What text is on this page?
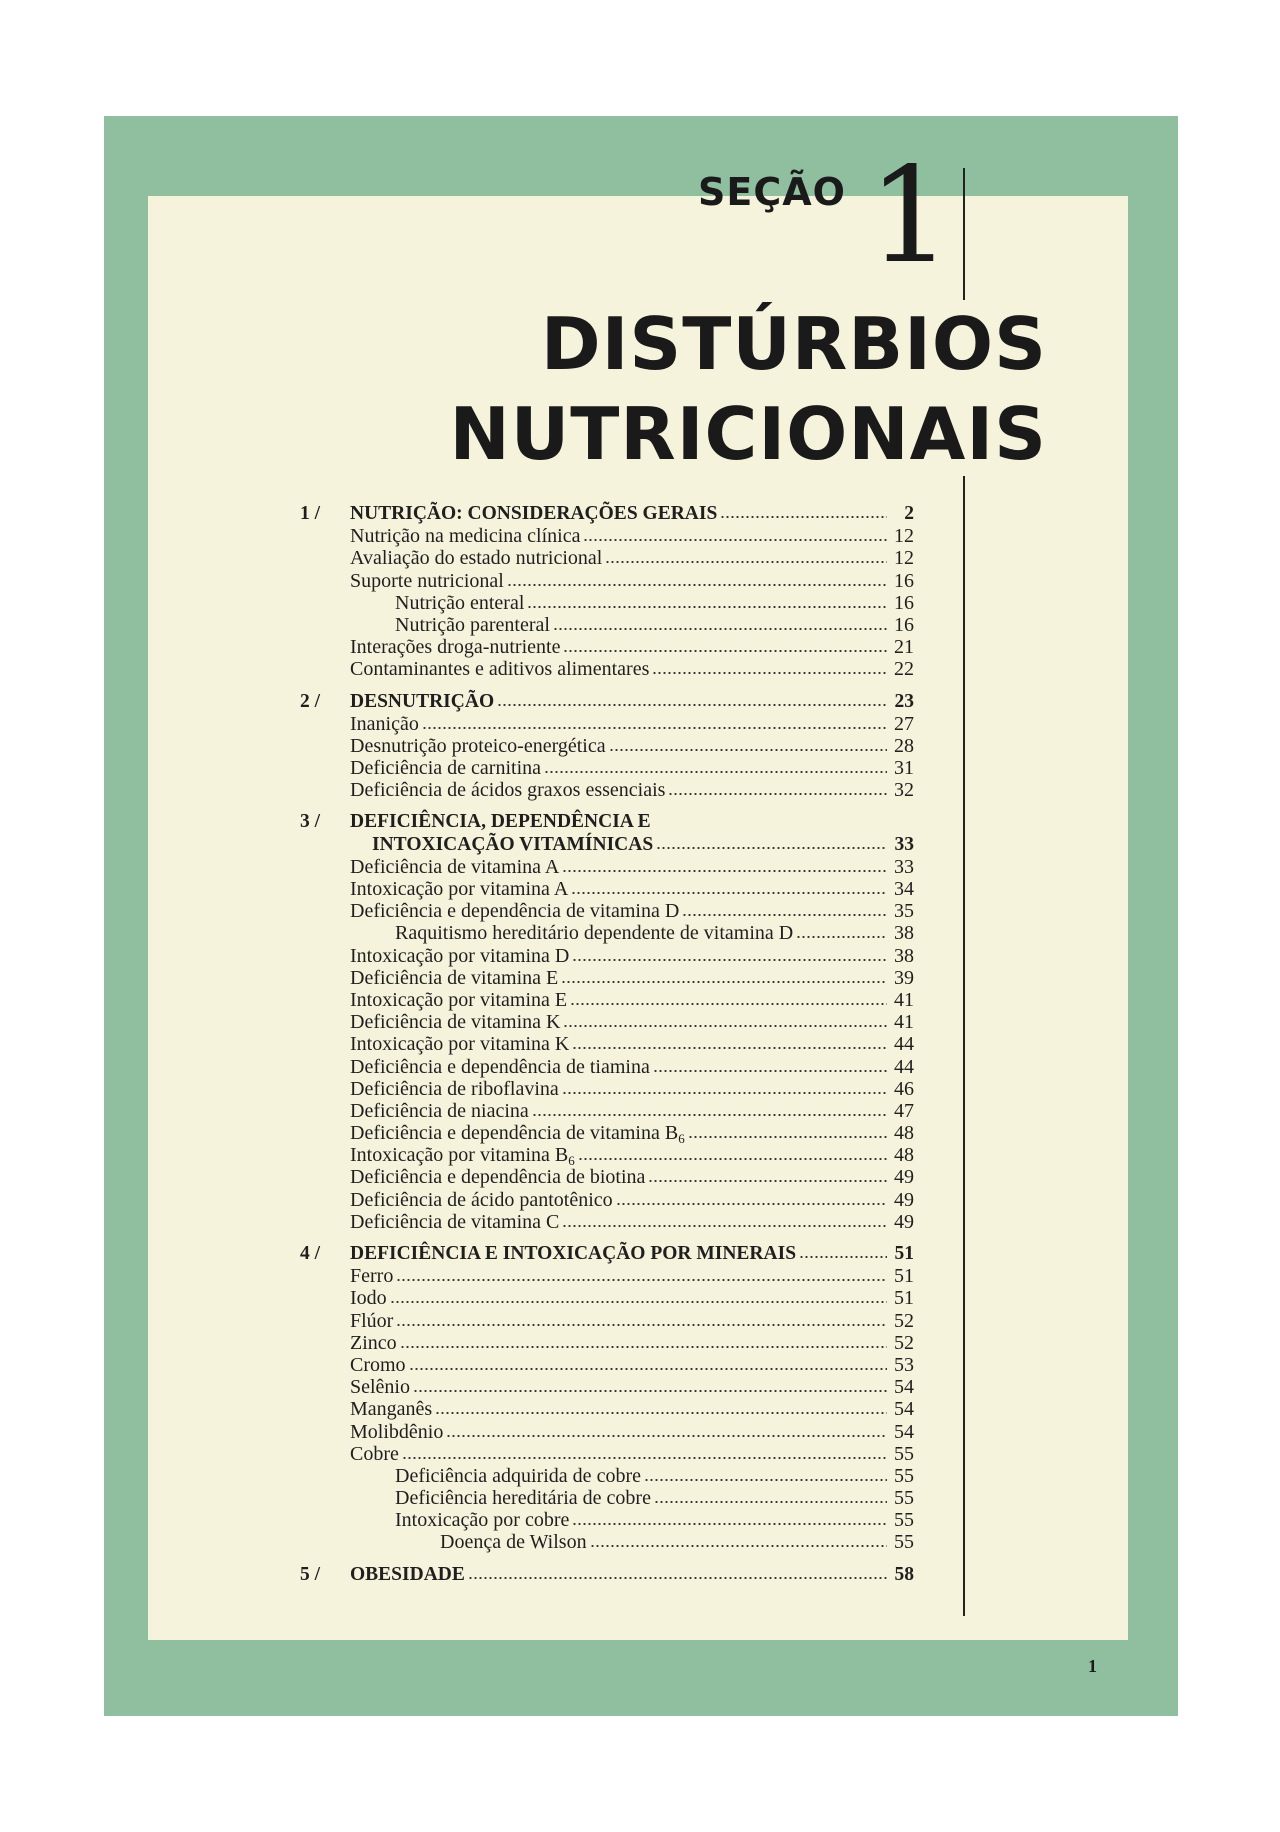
SEÇÃO 1
DISTÚRBIOS
NUTRICIONAIS
1 /	NUTRIÇÃO: CONSIDERAÇÕES GERAIS	2
Nutrição na medicina clínica	12
Avaliação do estado nutricional	12
Suporte nutricional	16
Nutrição enteral	16
Nutrição parenteral	16
Interações droga-nutriente	21
Contaminantes e aditivos alimentares	22
2 /	DESNUTRIÇÃO	23
Inanição	27
Desnutrição proteico-energética	28
Deficiência de carnitina	31
Deficiência de ácidos graxos essenciais	32
3 /	DEFICIÊNCIA, DEPENDÊNCIA E
INTOXICAÇÃO VITAMÍNICAS	33
Deficiência de vitamina A	33
Intoxicação por vitamina A	34
Deficiência e dependência de vitamina D	35
Raquitismo hereditário dependente de vitamina D	38
Intoxicação por vitamina D	38
Deficiência de vitamina E	39
Intoxicação por vitamina E	41
Deficiência de vitamina K	41
Intoxicação por vitamina K	44
Deficiência e dependência de tiamina	44
Deficiência de riboflavina	46
Deficiência de niacina	47
Deficiência e dependência de vitamina $B_6$	48
Intoxicação por vitamina $B_6$	48
Deficiência e dependência de biotina	49
Deficiência de ácido pantotênico	49
Deficiência de vitamina C	49
4 /	DEFICIÊNCIA E INTOXICAÇÃO POR MINERAIS	51
Ferro	51
Iodo	51
Flúor	52
Zinco	52
Cromo	53
Selênio	54
Manganês	54
Molibdênio	54
Cobre	55
Deficiência adquirida de cobre	55
Deficiência hereditária de cobre	55
Intoxicação por cobre	55
Doença de Wilson	55
5 /	OBESIDADE	58
1
